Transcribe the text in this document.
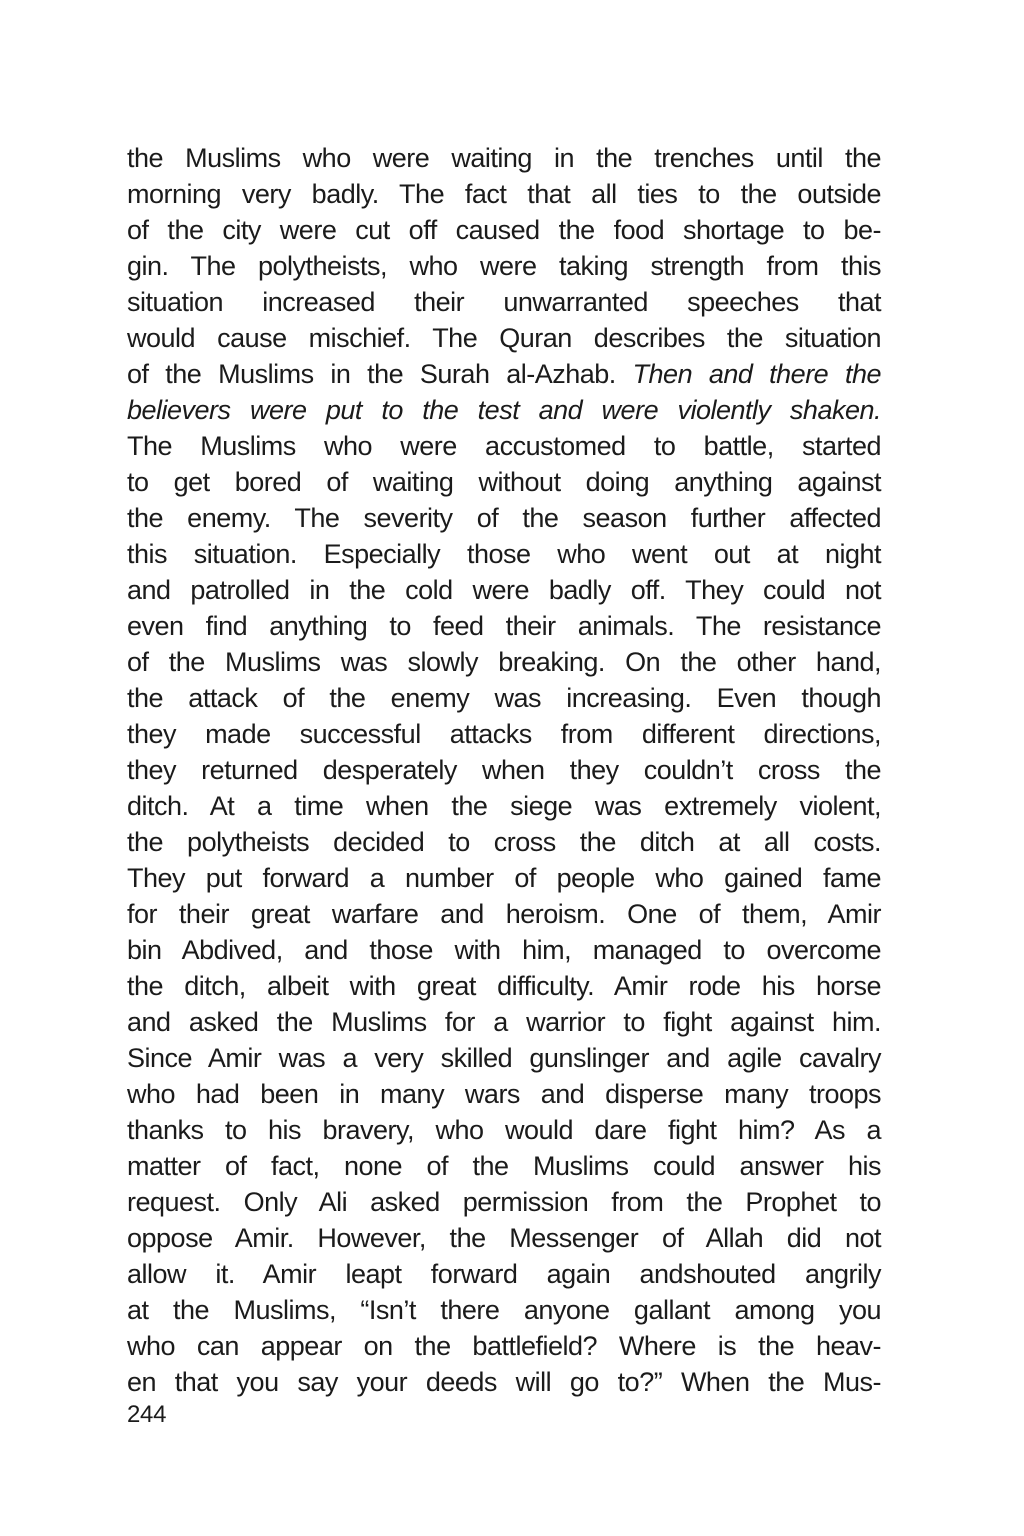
the Muslims who were waiting in the trenches until the
morning very badly. The fact that all ties to the outside
of the city were cut off caused the food shortage to be-
gin. The polytheists, who were taking strength from this
situation increased their unwarranted speeches that
would cause mischief. The Quran describes the situation
of the Muslims in the Surah al-Azhab. Then and there the
believers were put to the test and were violently shaken.
The Muslims who were accustomed to battle, started
to get bored of waiting without doing anything against
the enemy. The severity of the season further affected
this situation. Especially those who went out at night
and patrolled in the cold were badly off. They could not
even find anything to feed their animals. The resistance
of the Muslims was slowly breaking. On the other hand,
the attack of the enemy was increasing. Even though
they made successful attacks from different directions,
they returned desperately when they couldn’t cross the
ditch. At a time when the siege was extremely violent,
the polytheists decided to cross the ditch at all costs.
They put forward a number of people who gained fame
for their great warfare and heroism. One of them, Amir
bin Abdived, and those with him, managed to overcome
the ditch, albeit with great difficulty. Amir rode his horse
and asked the Muslims for a warrior to fight against him.
Since Amir was a very skilled gunslinger and agile cavalry
who had been in many wars and disperse many troops
thanks to his bravery, who would dare fight him? As a
matter of fact, none of the Muslims could answer his
request. Only Ali asked permission from the Prophet to
oppose Amir. However, the Messenger of Allah did not
allow it. Amir leapt forward again andshouted angrily
at the Muslims, “Isn’t there anyone gallant among you
who can appear on the battlefield? Where is the heav-
en that you say your deeds will go to?” When the Mus-
244
